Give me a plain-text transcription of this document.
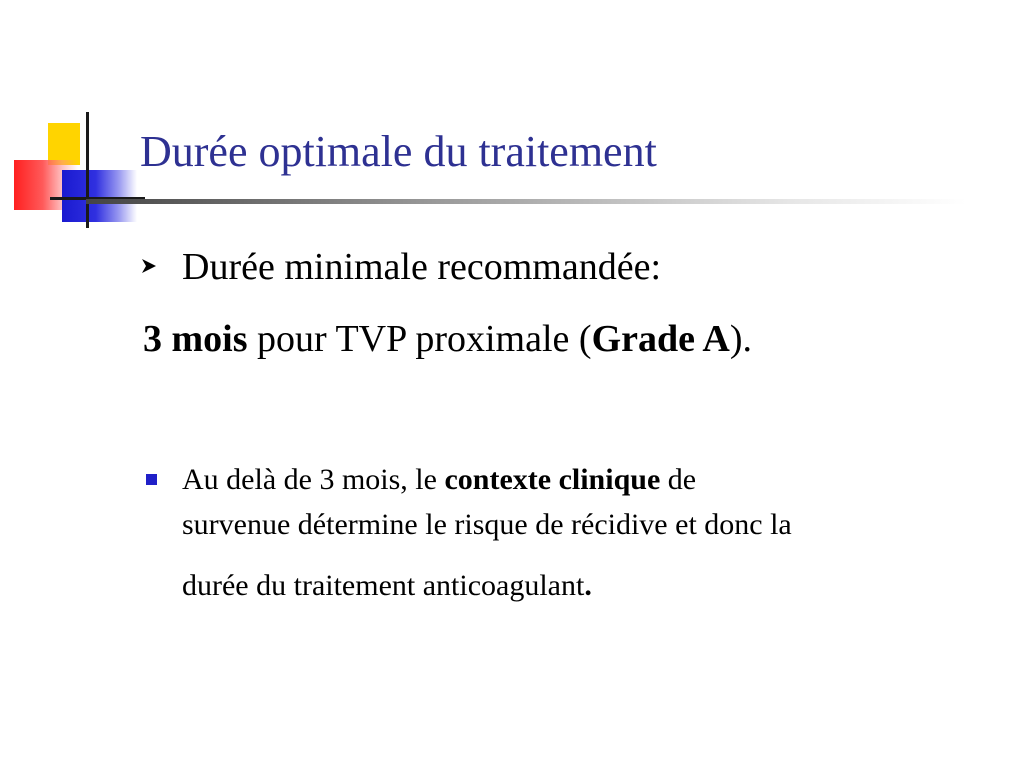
Durée optimale du traitement
Durée minimale recommandée:
3 mois pour TVP proximale (Grade A).
Au delà de 3 mois, le contexte clinique de
survenue détermine le risque de récidive et donc la
durée du traitement anticoagulant.
